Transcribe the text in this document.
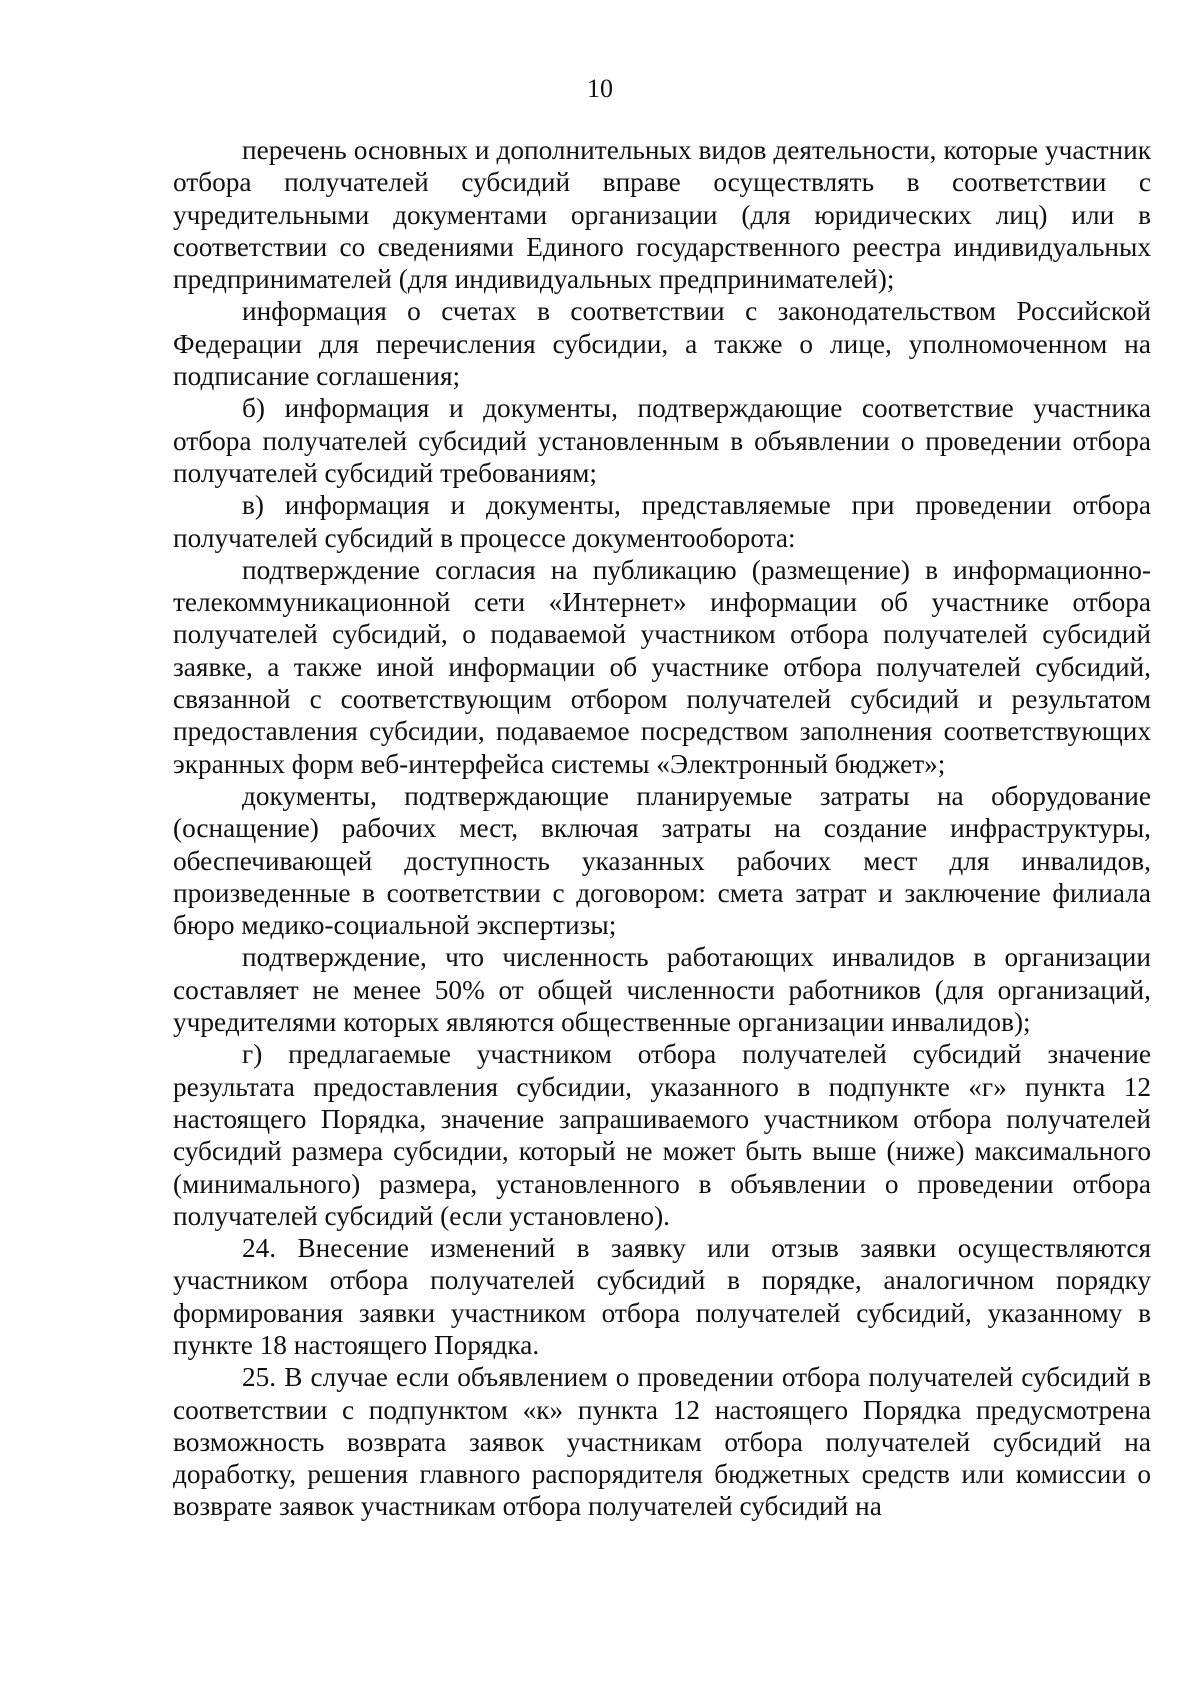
10

перечень основных и дополнительных видов деятельности, которые участник отбора получателей субсидий вправе осуществлять в соответствии с учредительными документами организации (для юридических лиц) или в соответствии со сведениями Единого государственного реестра индивидуальных предпринимателей (для индивидуальных предпринимателей);

информация о счетах в соответствии с законодательством Российской Федерации для перечисления субсидии, а также о лице, уполномоченном на подписание соглашения;

б) информация и документы, подтверждающие соответствие участника отбора получателей субсидий установленным в объявлении о проведении отбора получателей субсидий требованиям;

в) информация и документы, представляемые при проведении отбора получателей субсидий в процессе документооборота:

подтверждение согласия на публикацию (размещение) в информационно-телекоммуникационной сети «Интернет» информации об участнике отбора получателей субсидий, о подаваемой участником отбора получателей субсидий заявке, а также иной информации об участнике отбора получателей субсидий, связанной с соответствующим отбором получателей субсидий и результатом предоставления субсидии, подаваемое посредством заполнения соответствующих экранных форм веб-интерфейса системы «Электронный бюджет»;

документы, подтверждающие планируемые затраты на оборудование (оснащение) рабочих мест, включая затраты на создание инфраструктуры, обеспечивающей доступность указанных рабочих мест для инвалидов, произведенные в соответствии с договором: смета затрат и заключение филиала бюро медико-социальной экспертизы;

подтверждение, что численность работающих инвалидов в организации составляет не менее 50% от общей численности работников (для организаций, учредителями которых являются общественные организации инвалидов);

г) предлагаемые участником отбора получателей субсидий значение результата предоставления субсидии, указанного в подпункте «г» пункта 12 настоящего Порядка, значение запрашиваемого участником отбора получателей субсидий размера субсидии, который не может быть выше (ниже) максимального (минимального) размера, установленного в объявлении о проведении отбора получателей субсидий (если установлено).

24. Внесение изменений в заявку или отзыв заявки осуществляются участником отбора получателей субсидий в порядке, аналогичном порядку формирования заявки участником отбора получателей субсидий, указанному в пункте 18 настоящего Порядка.

25. В случае если объявлением о проведении отбора получателей субсидий в соответствии с подпунктом «к» пункта 12 настоящего Порядка предусмотрена возможность возврата заявок участникам отбора получателей субсидий на доработку, решения главного распорядителя бюджетных средств или комиссии о возврате заявок участникам отбора получателей субсидий на
